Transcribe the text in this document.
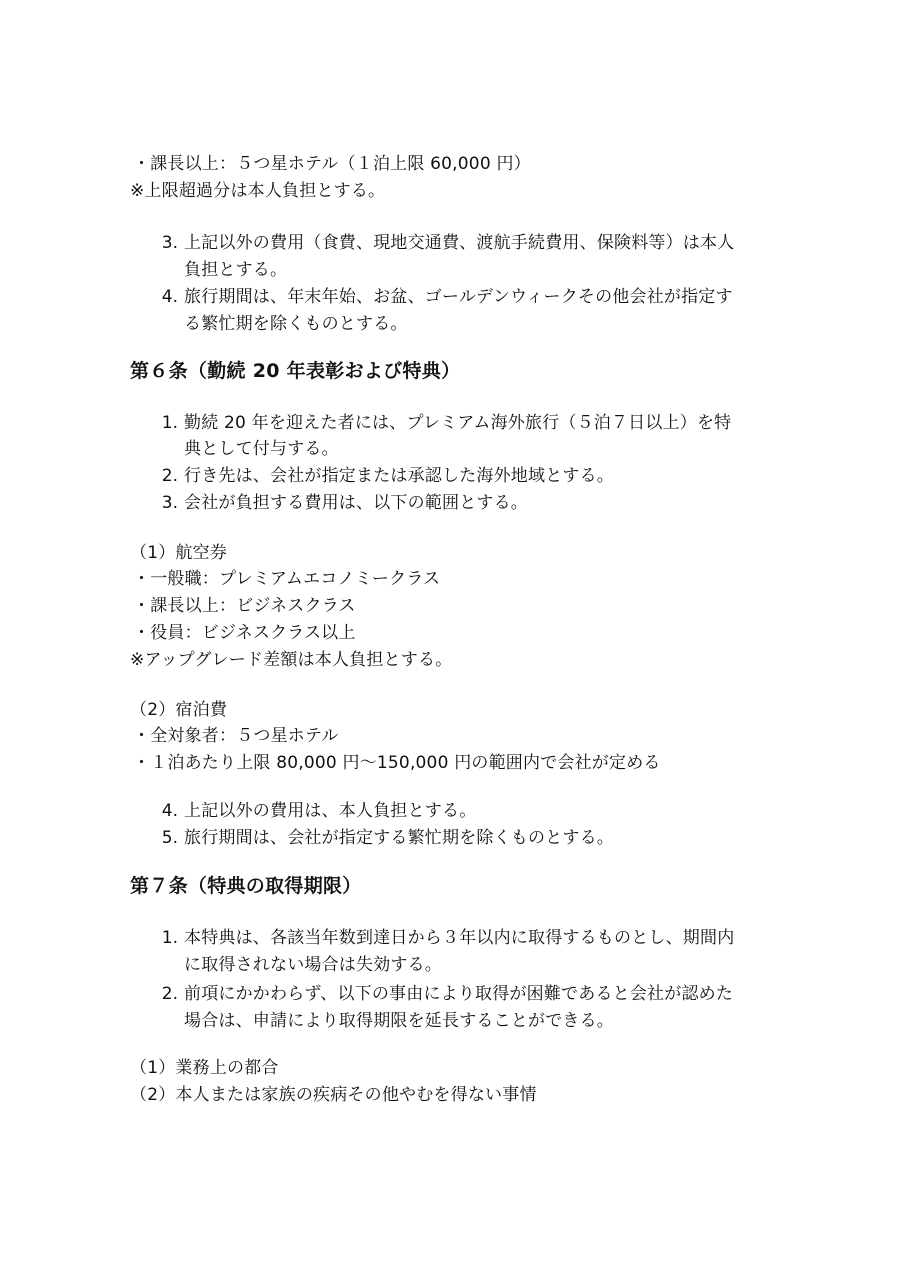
・課長以上：５つ星ホテル（１泊上限 60,000 円）
※上限超過分は本人負担とする。
3. 上記以外の費用（食費、現地交通費、渡航手続費用、保険料等）は本人
負担とする。
4. 旅行期間は、年末年始、お盆、ゴールデンウィークその他会社が指定す
る繁忙期を除くものとする。
第６条（勤続 20 年表彰および特典）
1. 勤続 20 年を迎えた者には、プレミアム海外旅行（５泊７日以上）を特
典として付与する。
2. 行き先は、会社が指定または承認した海外地域とする。
3. 会社が負担する費用は、以下の範囲とする。
（1）航空券
・一般職：プレミアムエコノミークラス
・課長以上：ビジネスクラス
・役員：ビジネスクラス以上
※アップグレード差額は本人負担とする。
（2）宿泊費
・全対象者：５つ星ホテル
・１泊あたり上限 80,000 円～150,000 円の範囲内で会社が定める
4. 上記以外の費用は、本人負担とする。
5. 旅行期間は、会社が指定する繁忙期を除くものとする。
第７条（特典の取得期限）
1. 本特典は、各該当年数到達日から３年以内に取得するものとし、期間内
に取得されない場合は失効する。
2. 前項にかかわらず、以下の事由により取得が困難であると会社が認めた
場合は、申請により取得期限を延長することができる。
（1）業務上の都合
（2）本人または家族の疾病その他やむを得ない事情
